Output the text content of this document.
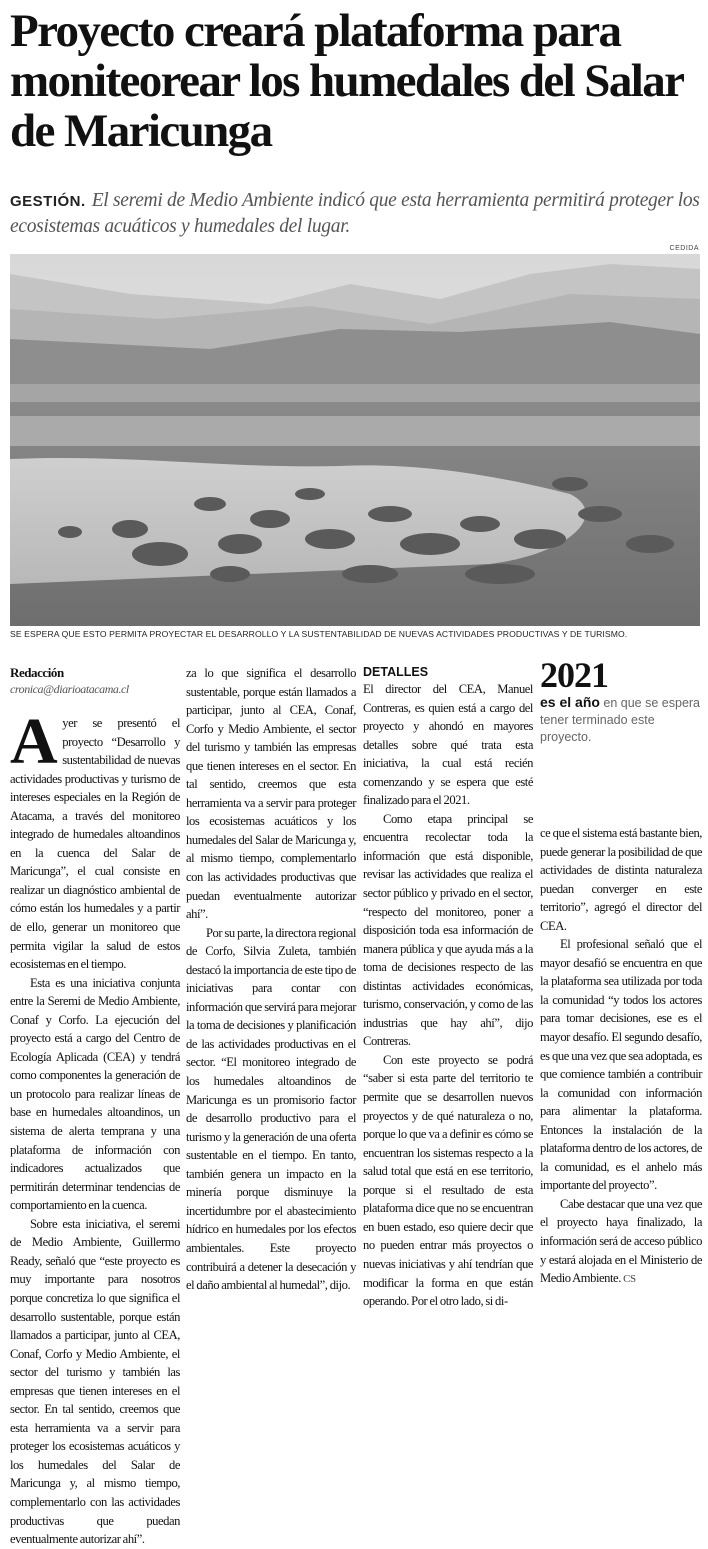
Proyecto creará plataforma para moniteorear los humedales del Salar de Maricunga
GESTIÓN. El seremi de Medio Ambiente indicó que esta herramienta permitirá proteger los ecosistemas acuáticos y humedales del lugar.
CEDIDA
SE ESPERA QUE ESTO PERMITA PROYECTAR EL DESARROLLO Y LA SUSTENTABILIDAD DE NUEVAS ACTIVIDADES PRODUCTIVAS Y DE TURISMO.
Redacción
cronica@diarioatacama.cl

Ayer se presentó el proyecto “Desarrollo y sustentabilidad de nuevas actividades productivas y turismo de intereses especiales en la Región de Atacama, a través del monitoreo integrado de humedales altoandinos en la cuenca del Salar de Maricunga”, el cual consiste en realizar un diagnóstico ambiental de cómo están los humedales y a partir de ello, generar un monitoreo que permita vigilar la salud de estos ecosistemas en el tiempo.

Esta es una iniciativa conjunta entre la Seremi de Medio Ambiente, Conaf y Corfo. La ejecución del proyecto está a cargo del Centro de Ecología Aplicada (CEA) y tendrá como componentes la generación de un protocolo para realizar líneas de base en humedales altoandinos, un sistema de alerta temprana y una plataforma de información con indicadores actualizados que permitirán determinar tendencias de comportamiento en la cuenca.

Sobre esta iniciativa, el seremi de Medio Ambiente, Guillermo Ready, señaló que “este proyecto es muy importante para nosotros porque concretiza lo que significa el desarrollo sustentable, porque están llamados a participar, junto al CEA, Conaf, Corfo y Medio Ambiente, el sector del turismo y también las empresas que tienen intereses en el sector. En tal sentido, creemos que esta herramienta va a servir para proteger los ecosistemas acuáticos y los humedales del Salar de Maricunga y, al mismo tiempo, complementarlo con las actividades productivas que puedan eventualmente autorizar ahí”.

za lo que significa el desarrollo sustentable, porque están llamados a participar, junto al CEA, Conaf, Corfo y Medio Ambiente, el sector del turismo y también las empresas que tienen intereses en el sector. En tal sentido, creemos que esta herramienta va a servir para proteger los ecosistemas acuáticos y los humedales del Salar de Maricunga y, al mismo tiempo, complementarlo con las actividades productivas que puedan eventualmente autorizar ahí”.

Por su parte, la directora regional de Corfo, Silvia Zuleta, también destacó la importancia de este tipo de iniciativas para contar con información que servirá para mejorar la toma de decisiones y planificación de las actividades productivas en el sector. “El monitoreo integrado de los humedales altoandinos de Maricunga es un promisorio factor de desarrollo productivo para el turismo y la generación de una oferta sustentable en el tiempo. En tanto, también genera un impacto en la minería porque disminuye la incertidumbre por el abastecimiento hídrico en humedales por los efectos ambientales. Este proyecto contribuirá a detener la desecación y el daño ambiental al humedal”, dijo.

DETALLES

El director del CEA, Manuel Contreras, es quien está a cargo del proyecto y ahondó en mayores detalles sobre qué trata esta iniciativa, la cual está recién comenzando y se espera que esté finalizado para el 2021.

Como etapa principal se encuentra recolectar toda la información que está disponible, revisar las actividades que realiza el sector público y privado en el sector, “respecto del monitoreo, poner a disposición toda esa información de manera pública y que ayuda más a la toma de decisiones respecto de las distintas actividades económicas, turismo, conservación, y como de las industrias que hay ahí”, dijo Contreras.

Con este proyecto se podrá “saber si esta parte del territorio te permite que se desarrollen nuevos proyectos y de qué naturaleza o no, porque lo que va a definir es cómo se encuentran los sistemas respecto a la salud total que está en ese territorio, porque si el resultado de esta plataforma dice que no se encuentran en buen estado, eso quiere decir que no pueden entrar más proyectos o nuevas iniciativas y ahí tendrían que modificar la forma en que están operando. Por el otro lado, si di-

2021
es el año en que se espera tener terminado este proyecto.

ce que el sistema está bastante bien, puede generar la posibilidad de que actividades de distinta naturaleza puedan converger en este territorio”, agregó el director del CEA.

El profesional señaló que el mayor desafió se encuentra en que la plataforma sea utilizada por toda la comunidad “y todos los actores para tomar decisiones, ese es el mayor desafío. El segundo desafío, es que una vez que sea adoptada, es que comience también a contribuir la comunidad con información para alimentar la plataforma. Entonces la instalación de la plataforma dentro de los actores, de la comunidad, es el anhelo más importante del proyecto”.

Cabe destacar que una vez que el proyecto haya finalizado, la información será de acceso público y estará alojada en el Ministerio de Medio Ambiente. CS
